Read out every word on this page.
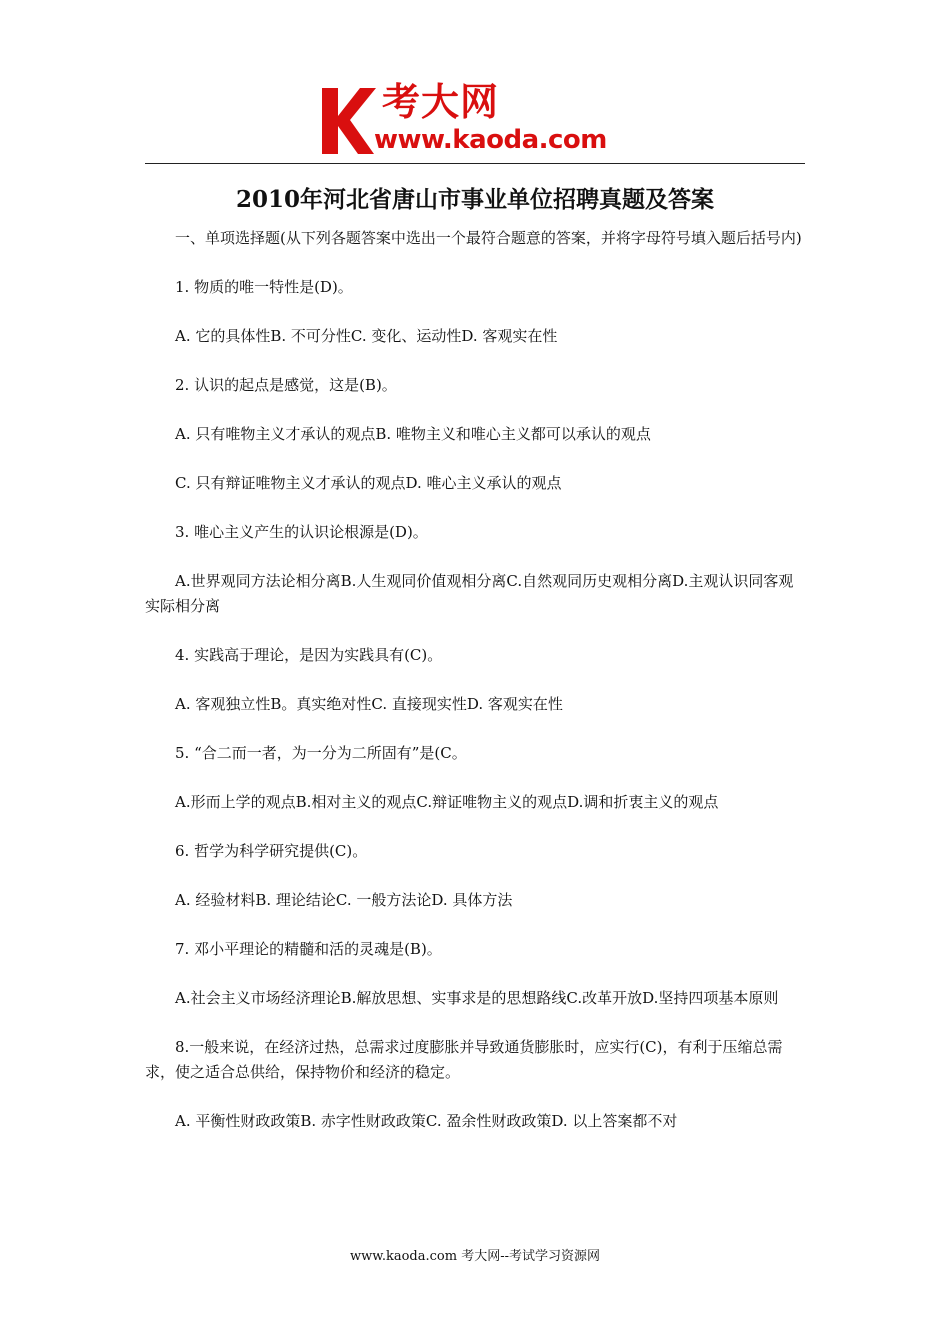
考大网
www.kaoda.com
2010年河北省唐山市事业单位招聘真题及答案

一、单项选择题(从下列各题答案中选出一个最符合题意的答案，并将字母符号填入题后括号内)

1. 物质的唯一特性是(D)。

A. 它的具体性B. 不可分性C. 变化、运动性D. 客观实在性

2. 认识的起点是感觉，这是(B)。

A. 只有唯物主义才承认的观点B. 唯物主义和唯心主义都可以承认的观点

C. 只有辩证唯物主义才承认的观点D. 唯心主义承认的观点

3. 唯心主义产生的认识论根源是(D)。

A.世界观同方法论相分离B.人生观同价值观相分离C.自然观同历史观相分离D.主观认识同客观实际相分离

4. 实践高于理论，是因为实践具有(C)。

A. 客观独立性B。真实绝对性C. 直接现实性D. 客观实在性

5. “合二而一者，为一分为二所固有”是(C。

A.形而上学的观点B.相对主义的观点C.辩证唯物主义的观点D.调和折衷主义的观点

6. 哲学为科学研究提供(C)。

A. 经验材料B. 理论结论C. 一般方法论D. 具体方法

7. 邓小平理论的精髓和活的灵魂是(B)。

A.社会主义市场经济理论B.解放思想、实事求是的思想路线C.改革开放D.坚持四项基本原则

8.一般来说，在经济过热，总需求过度膨胀并导致通货膨胀时，应实行(C)，有利于压缩总需求，使之适合总供给，保持物价和经济的稳定。

A. 平衡性财政政策B. 赤字性财政政策C. 盈余性财政政策D. 以上答案都不对

www.kaoda.com 考大网--考试学习资源网
